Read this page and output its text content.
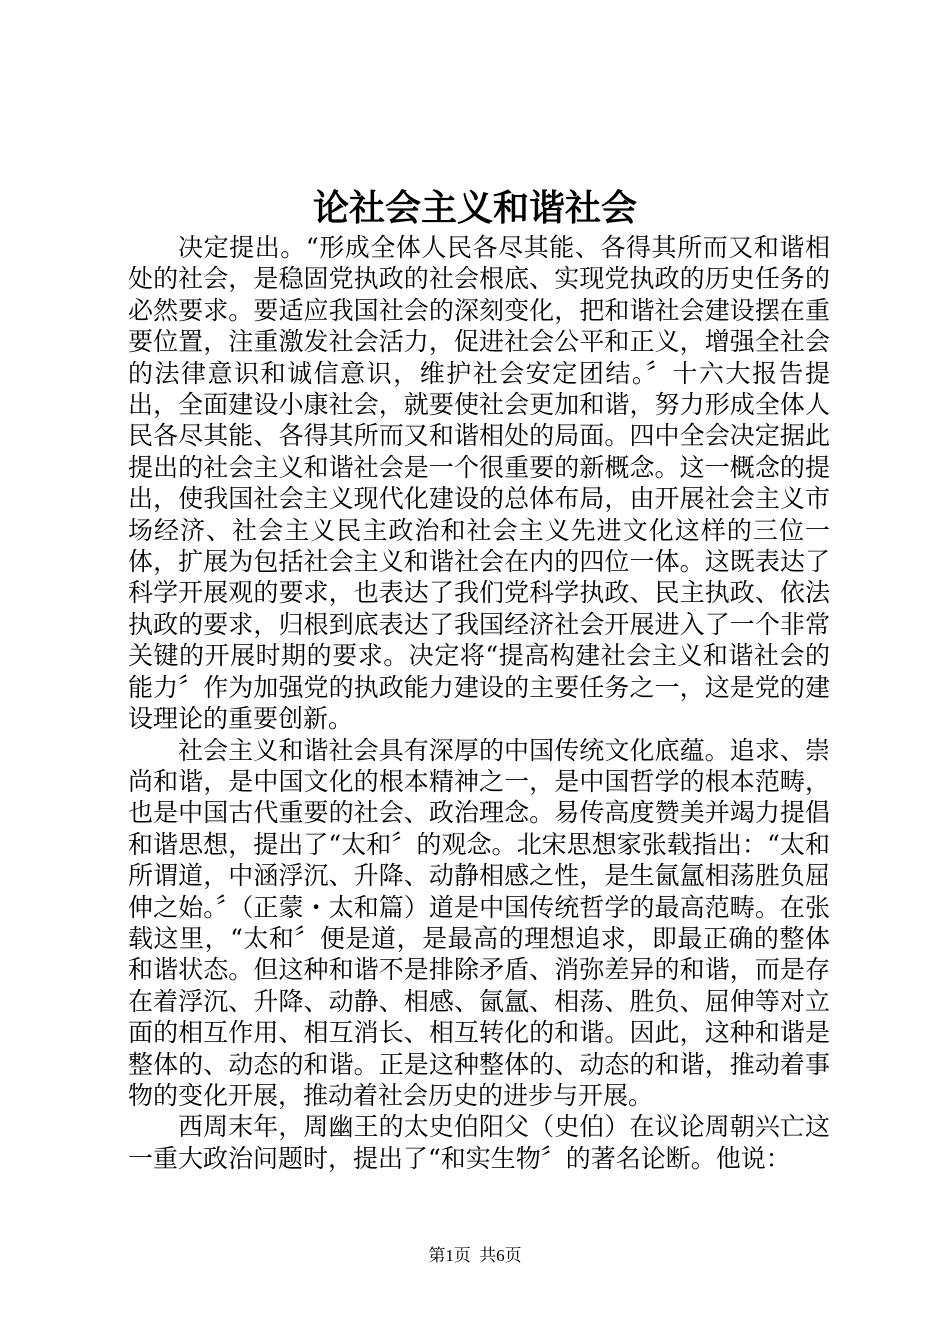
论社会主义和谐社会

决定提出。“形成全体人民各尽其能、各得其所而又和谐相处的社会，是稳固党执政的社会根底、实现党执政的历史任务的必然要求。要适应我国社会的深刻变化，把和谐社会建设摆在重要位置，注重激发社会活力，促进社会公平和正义，增强全社会的法律意识和诚信意识，维护社会安定团结。〞十六大报告提出，全面建设小康社会，就要使社会更加和谐，努力形成全体人民各尽其能、各得其所而又和谐相处的局面。四中全会决定据此提出的社会主义和谐社会是一个很重要的新概念。这一概念的提出，使我国社会主义现代化建设的总体布局，由开展社会主义市场经济、社会主义民主政治和社会主义先进文化这样的三位一体，扩展为包括社会主义和谐社会在内的四位一体。这既表达了科学开展观的要求，也表达了我们党科学执政、民主执政、依法执政的要求，归根到底表达了我国经济社会开展进入了一个非常关键的开展时期的要求。决定将“提高构建社会主义和谐社会的能力〞作为加强党的执政能力建设的主要任务之一，这是党的建设理论的重要创新。

社会主义和谐社会具有深厚的中国传统文化底蕴。追求、崇尚和谐，是中国文化的根本精神之一，是中国哲学的根本范畴，也是中国古代重要的社会、政治理念。易传高度赞美并竭力提倡和谐思想，提出了“太和〞的观念。北宋思想家张载指出：“太和所谓道，中涵浮沉、升降、动静相感之性，是生氤氲相荡胜负屈伸之始。〞（正蒙・太和篇）道是中国传统哲学的最高范畴。在张载这里，“太和〞便是道，是最高的理想追求，即最正确的整体和谐状态。但这种和谐不是排除矛盾、消弥差异的和谐，而是存在着浮沉、升降、动静、相感、氤氲、相荡、胜负、屈伸等对立面的相互作用、相互消长、相互转化的和谐。因此，这种和谐是整体的、动态的和谐。正是这种整体的、动态的和谐，推动着事物的变化开展，推动着社会历史的进步与开展。

西周末年，周幽王的太史伯阳父（史伯）在议论周朝兴亡这一重大政治问题时，提出了“和实生物〞的著名论断。他说：

第1页 共6页
